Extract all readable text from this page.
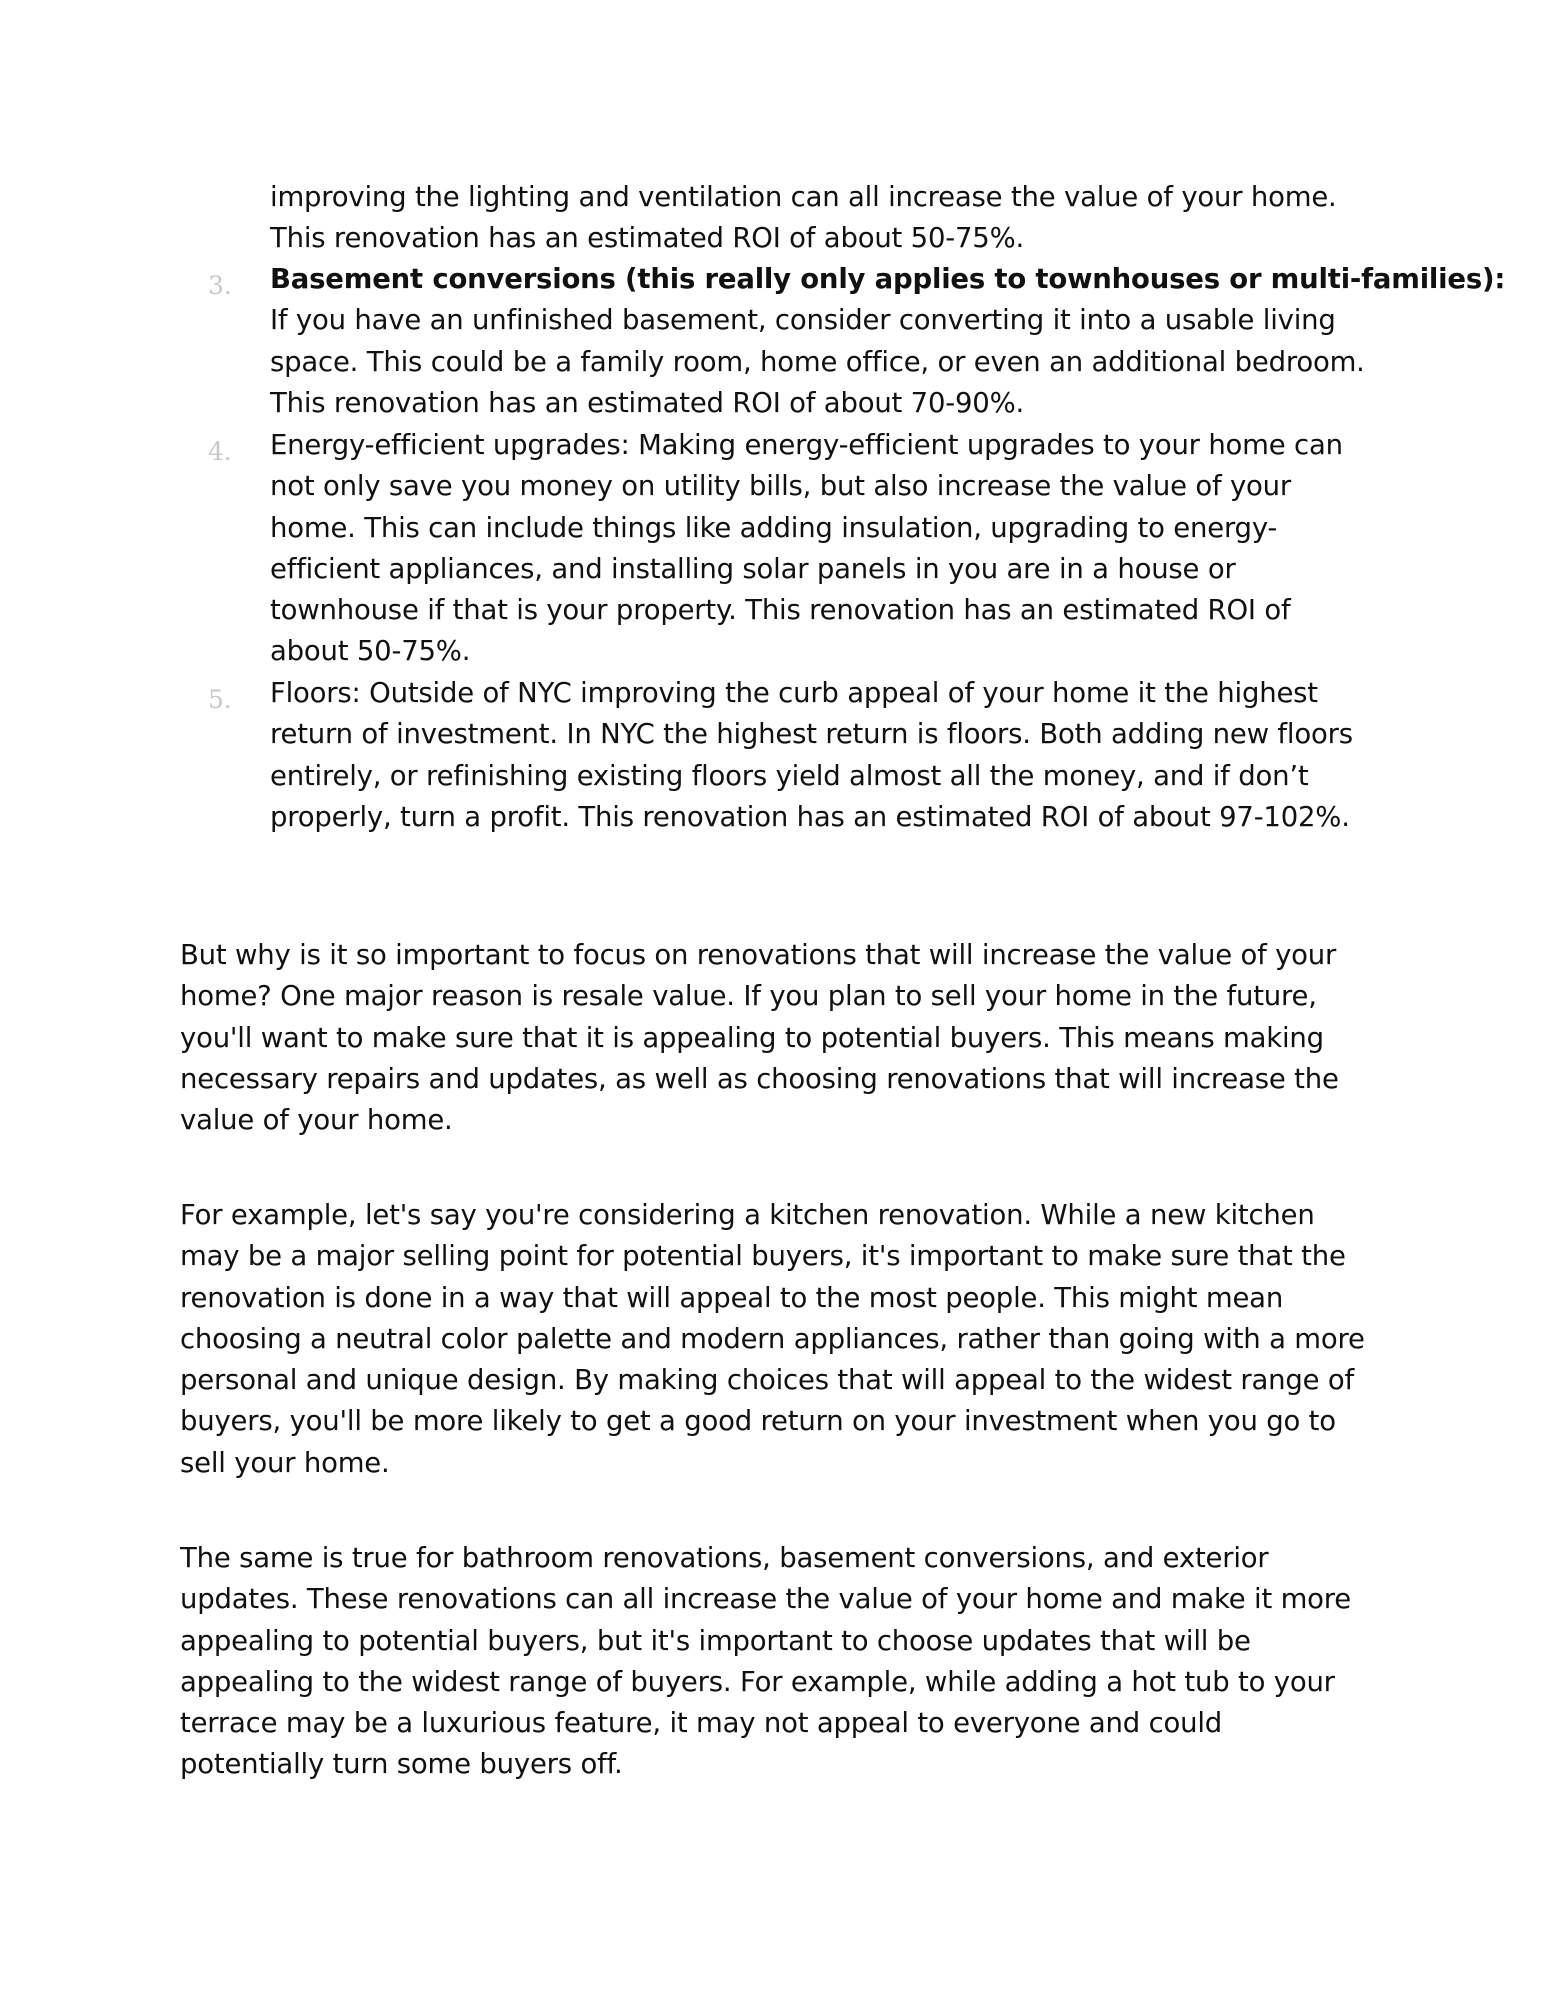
improving the lighting and ventilation can all increase the value of your home.
This renovation has an estimated ROI of about 50-75%.
3. Basement conversions (this really only applies to townhouses or multi-families):
If you have an unfinished basement, consider converting it into a usable living
space. This could be a family room, home office, or even an additional bedroom.
This renovation has an estimated ROI of about 70-90%.
4. Energy-efficient upgrades: Making energy-efficient upgrades to your home can
not only save you money on utility bills, but also increase the value of your
home. This can include things like adding insulation, upgrading to energy-
efficient appliances, and installing solar panels in you are in a house or
townhouse if that is your property. This renovation has an estimated ROI of
about 50-75%.
5. Floors: Outside of NYC improving the curb appeal of your home it the highest
return of investment. In NYC the highest return is floors. Both adding new floors
entirely, or refinishing existing floors yield almost all the money, and if don’t
properly, turn a profit. This renovation has an estimated ROI of about 97-102%.
But why is it so important to focus on renovations that will increase the value of your
home? One major reason is resale value. If you plan to sell your home in the future,
you'll want to make sure that it is appealing to potential buyers. This means making
necessary repairs and updates, as well as choosing renovations that will increase the
value of your home.
For example, let's say you're considering a kitchen renovation. While a new kitchen
may be a major selling point for potential buyers, it's important to make sure that the
renovation is done in a way that will appeal to the most people. This might mean
choosing a neutral color palette and modern appliances, rather than going with a more
personal and unique design. By making choices that will appeal to the widest range of
buyers, you'll be more likely to get a good return on your investment when you go to
sell your home.
The same is true for bathroom renovations, basement conversions, and exterior
updates. These renovations can all increase the value of your home and make it more
appealing to potential buyers, but it's important to choose updates that will be
appealing to the widest range of buyers. For example, while adding a hot tub to your
terrace may be a luxurious feature, it may not appeal to everyone and could
potentially turn some buyers off.
